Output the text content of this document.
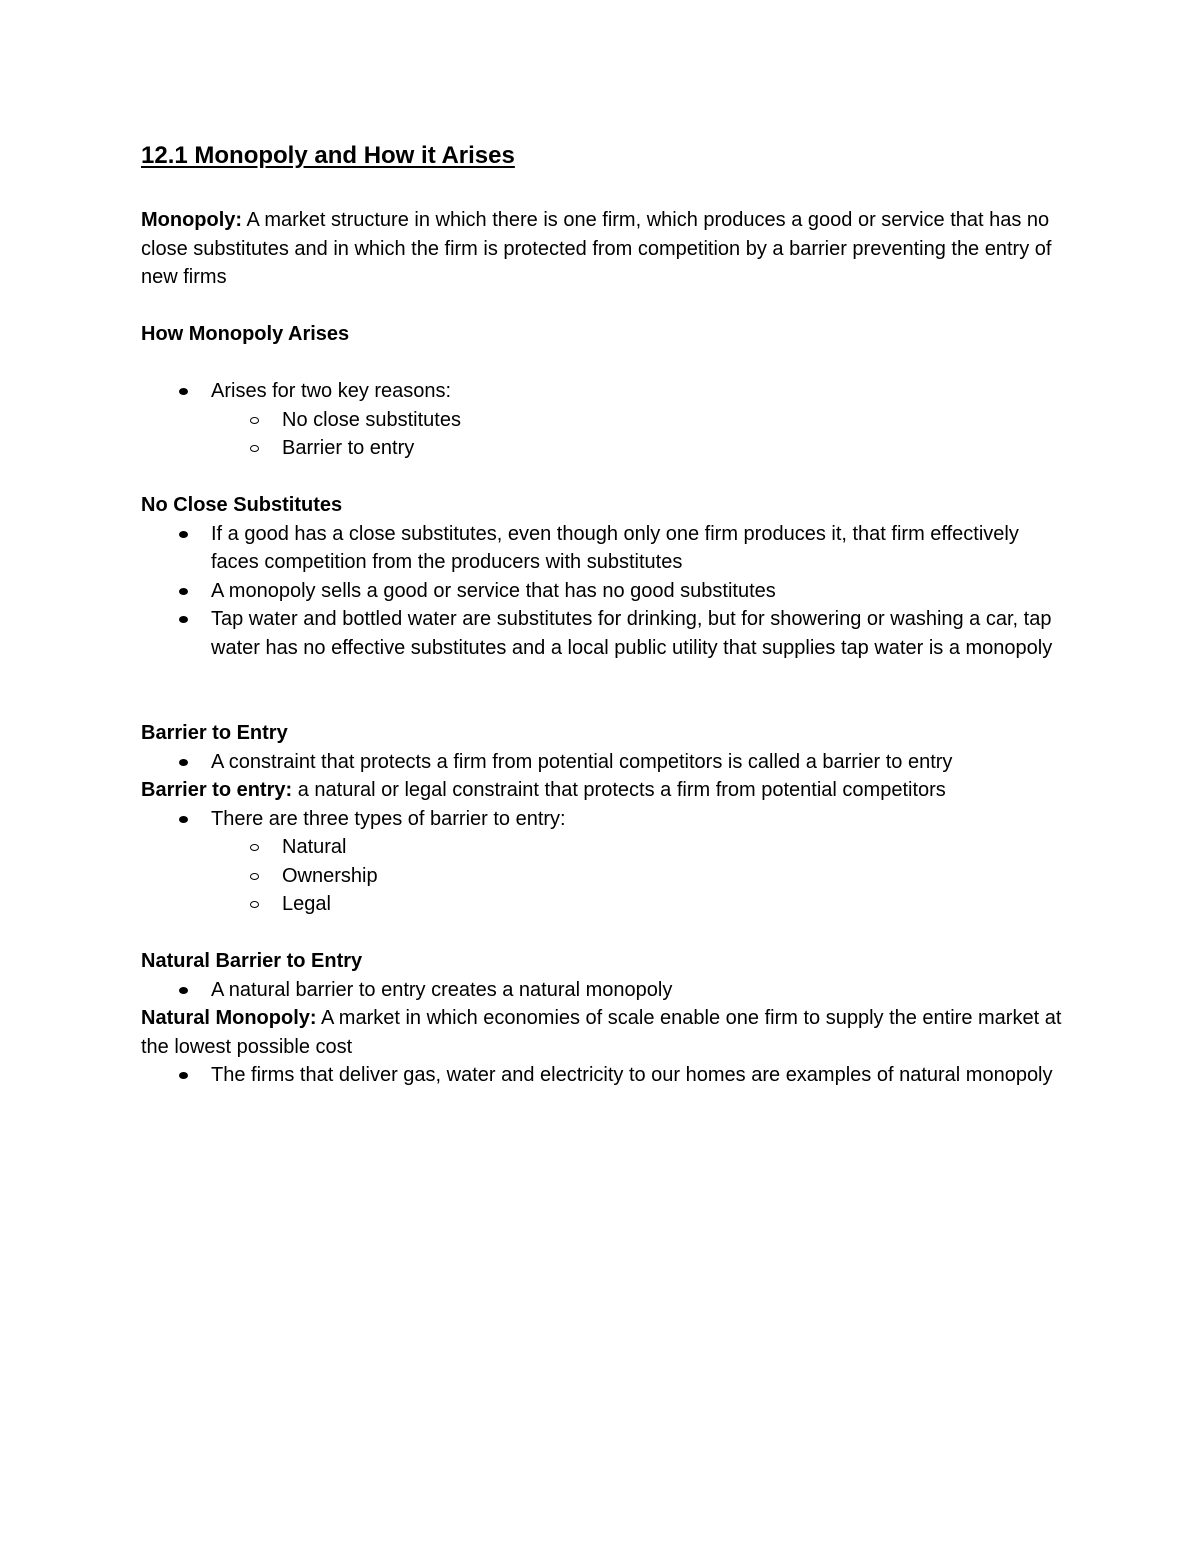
12.1 Monopoly and How it Arises

Monopoly: A market structure in which there is one firm, which produces a good or service that has no close substitutes and in which the firm is protected from competition by a barrier preventing the entry of new firms

How Monopoly Arises

Arises for two key reasons:
No close substitutes
Barrier to entry

No Close Substitutes

If a good has a close substitutes, even though only one firm produces it, that firm effectively faces competition from the producers with substitutes
A monopoly sells a good or service that has no good substitutes
Tap water and bottled water are substitutes for drinking, but for showering or washing a car, tap water has no effective substitutes and a local public utility that supplies tap water is a monopoly

Barrier to Entry

A constraint that protects a firm from potential competitors is called a barrier to entry

Barrier to entry: a natural or legal constraint that protects a firm from potential competitors

There are three types of barrier to entry:
Natural
Ownership
Legal

Natural Barrier to Entry

A natural barrier to entry creates a natural monopoly

Natural Monopoly: A market in which economies of scale enable one firm to supply the entire market at the lowest possible cost

The firms that deliver gas, water and electricity to our homes are examples of natural monopoly
